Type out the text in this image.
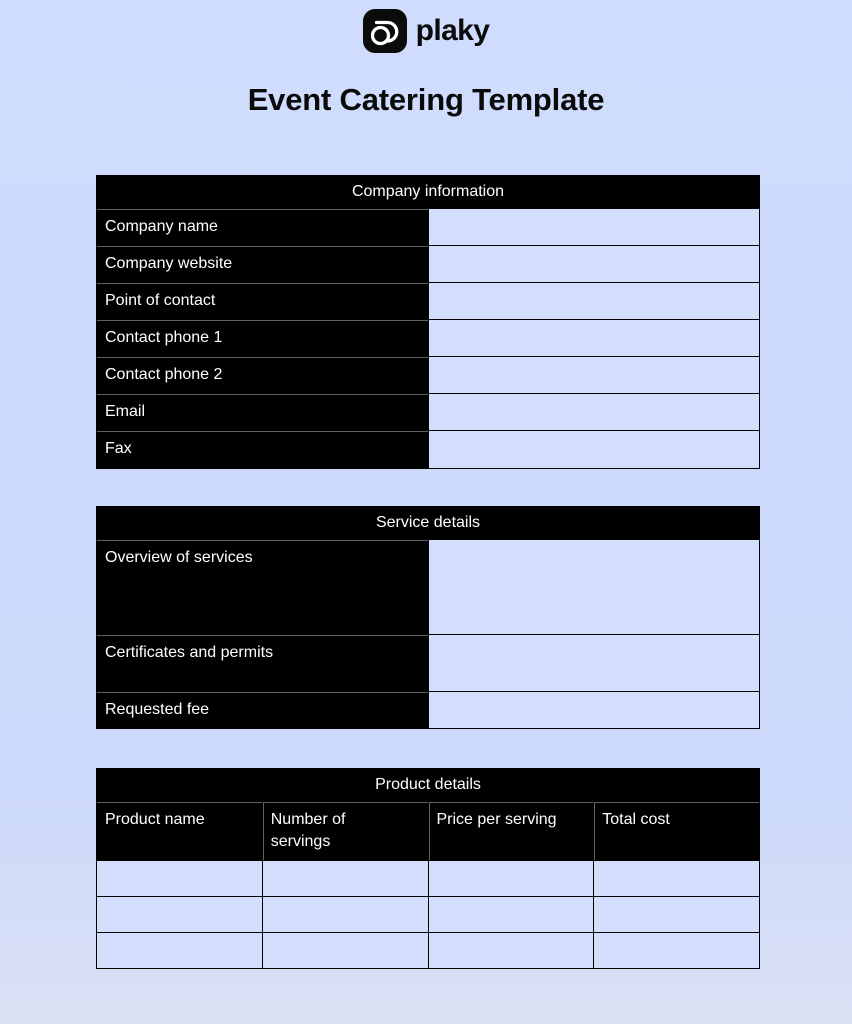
plaky
Event Catering Template
Company information	
Company name	
Company website	
Point of contact	
Contact phone 1	
Contact phone 2	
Email	
Fax	
Service details	
Overview of services	
Certificates and permits	
Requested fee	
Product details			
Product name	Number of servings	Price per serving	Total cost
